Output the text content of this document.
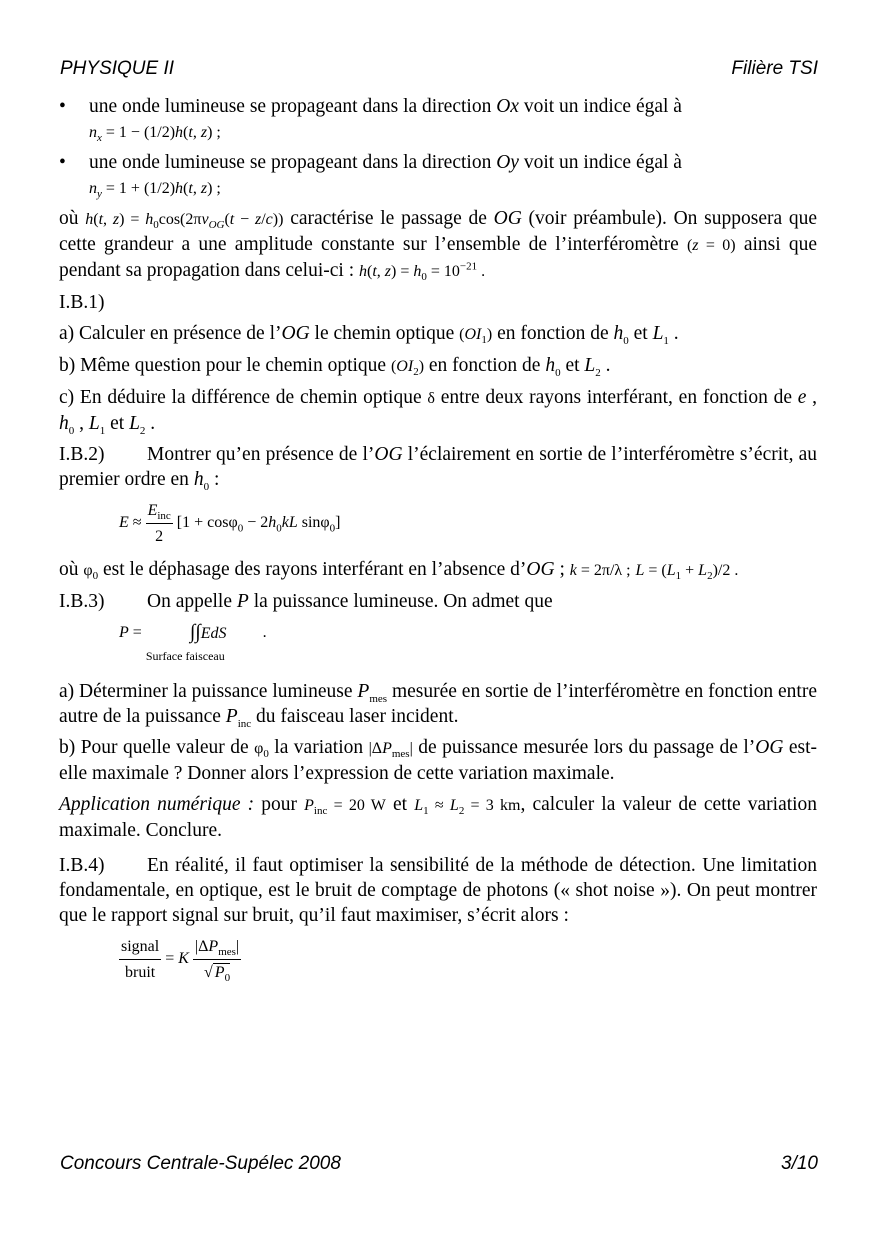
PHYSIQUE II	Filière TSI
• une onde lumineuse se propageant dans la direction Ox voit un indice égal à
$n_x = 1 - (1/2)h(t$, z) ;
• une onde lumineuse se propageant dans la direction Oy voit un indice égal à
$n_y = 1 + (1/2)h(t$, z) ;

où h(t, $z) = h_0\cos(2\pi v_{OG}(t - z/c))$ caractérise le passage de OG (voir préambule). On supposera que cette grandeur a une amplitude constante sur l’ensemble de l’interféromètre (z = 0) ainsi que pendant sa propagation dans celui-ci : h(t, $z) = h_0 = 10^{-21}$ .

I.B.1)

a) Calculer en présence de l’OG le chemin optique $(OI_1)$ en fonction de $h_0$ et $L_1$ .

b) Même question pour le chemin optique $(OI_2)$ en fonction de $h_0$ et $L_2$ .

c) En déduire la différence de chemin optique δ entre deux rayons interférant, en fonction de e , $h_0$ , $L_1$ et $L_2$ .

I.B.2) Montrer qu’en présence de l’OG l’éclairement en sortie de l’interféromètre s’écrit, au premier ordre en $h_0$ :

$E \approx \frac{E_{inc}}{2} [1 + \cos\varphi_0 - 2h_0kL$ sinφ$_0$]

où $\varphi_0$ est le déphasage des rayons interférant en l’absence d’OG ; k = 2π/λ ; $L = (L_1 + L_2)/2$ .

I.B.3) On appelle P la puissance lumineuse. On admet que

P =            ∫∫EdS
Surface faisceau
.

a) Déterminer la puissance lumineuse $P_{mes}$ mesurée en sortie de l’interféromètre en fonction entre autre de la puissance $P_{inc}$ du faisceau laser incident.

b) Pour quelle valeur de $\varphi_0$ la variation $|\Delta P_{mes}|$ de puissance mesurée lors du passage de l’OG est-elle maximale ? Donner alors l’expression de cette variation maximale.

Application numérique : pour $P_{inc} = 20$ W et $L_1 \approx L_2 = 3$ km, calculer la valeur de cette variation maximale. Conclure.

I.B.4) En réalité, il faut optimiser la sensibilité de la méthode de détection. Une limitation fondamentale, en optique, est le bruit de comptage de photons (« shot noise »). On peut montrer que le rapport signal sur bruit, qu’il faut maximiser, s’écrit alors :

$\frac{\text{signal}}{\text{bruit}} = K \frac{|\Delta P_{mes}|}{√ P_0}$
Concours Centrale-Supélec 2008	3/10
